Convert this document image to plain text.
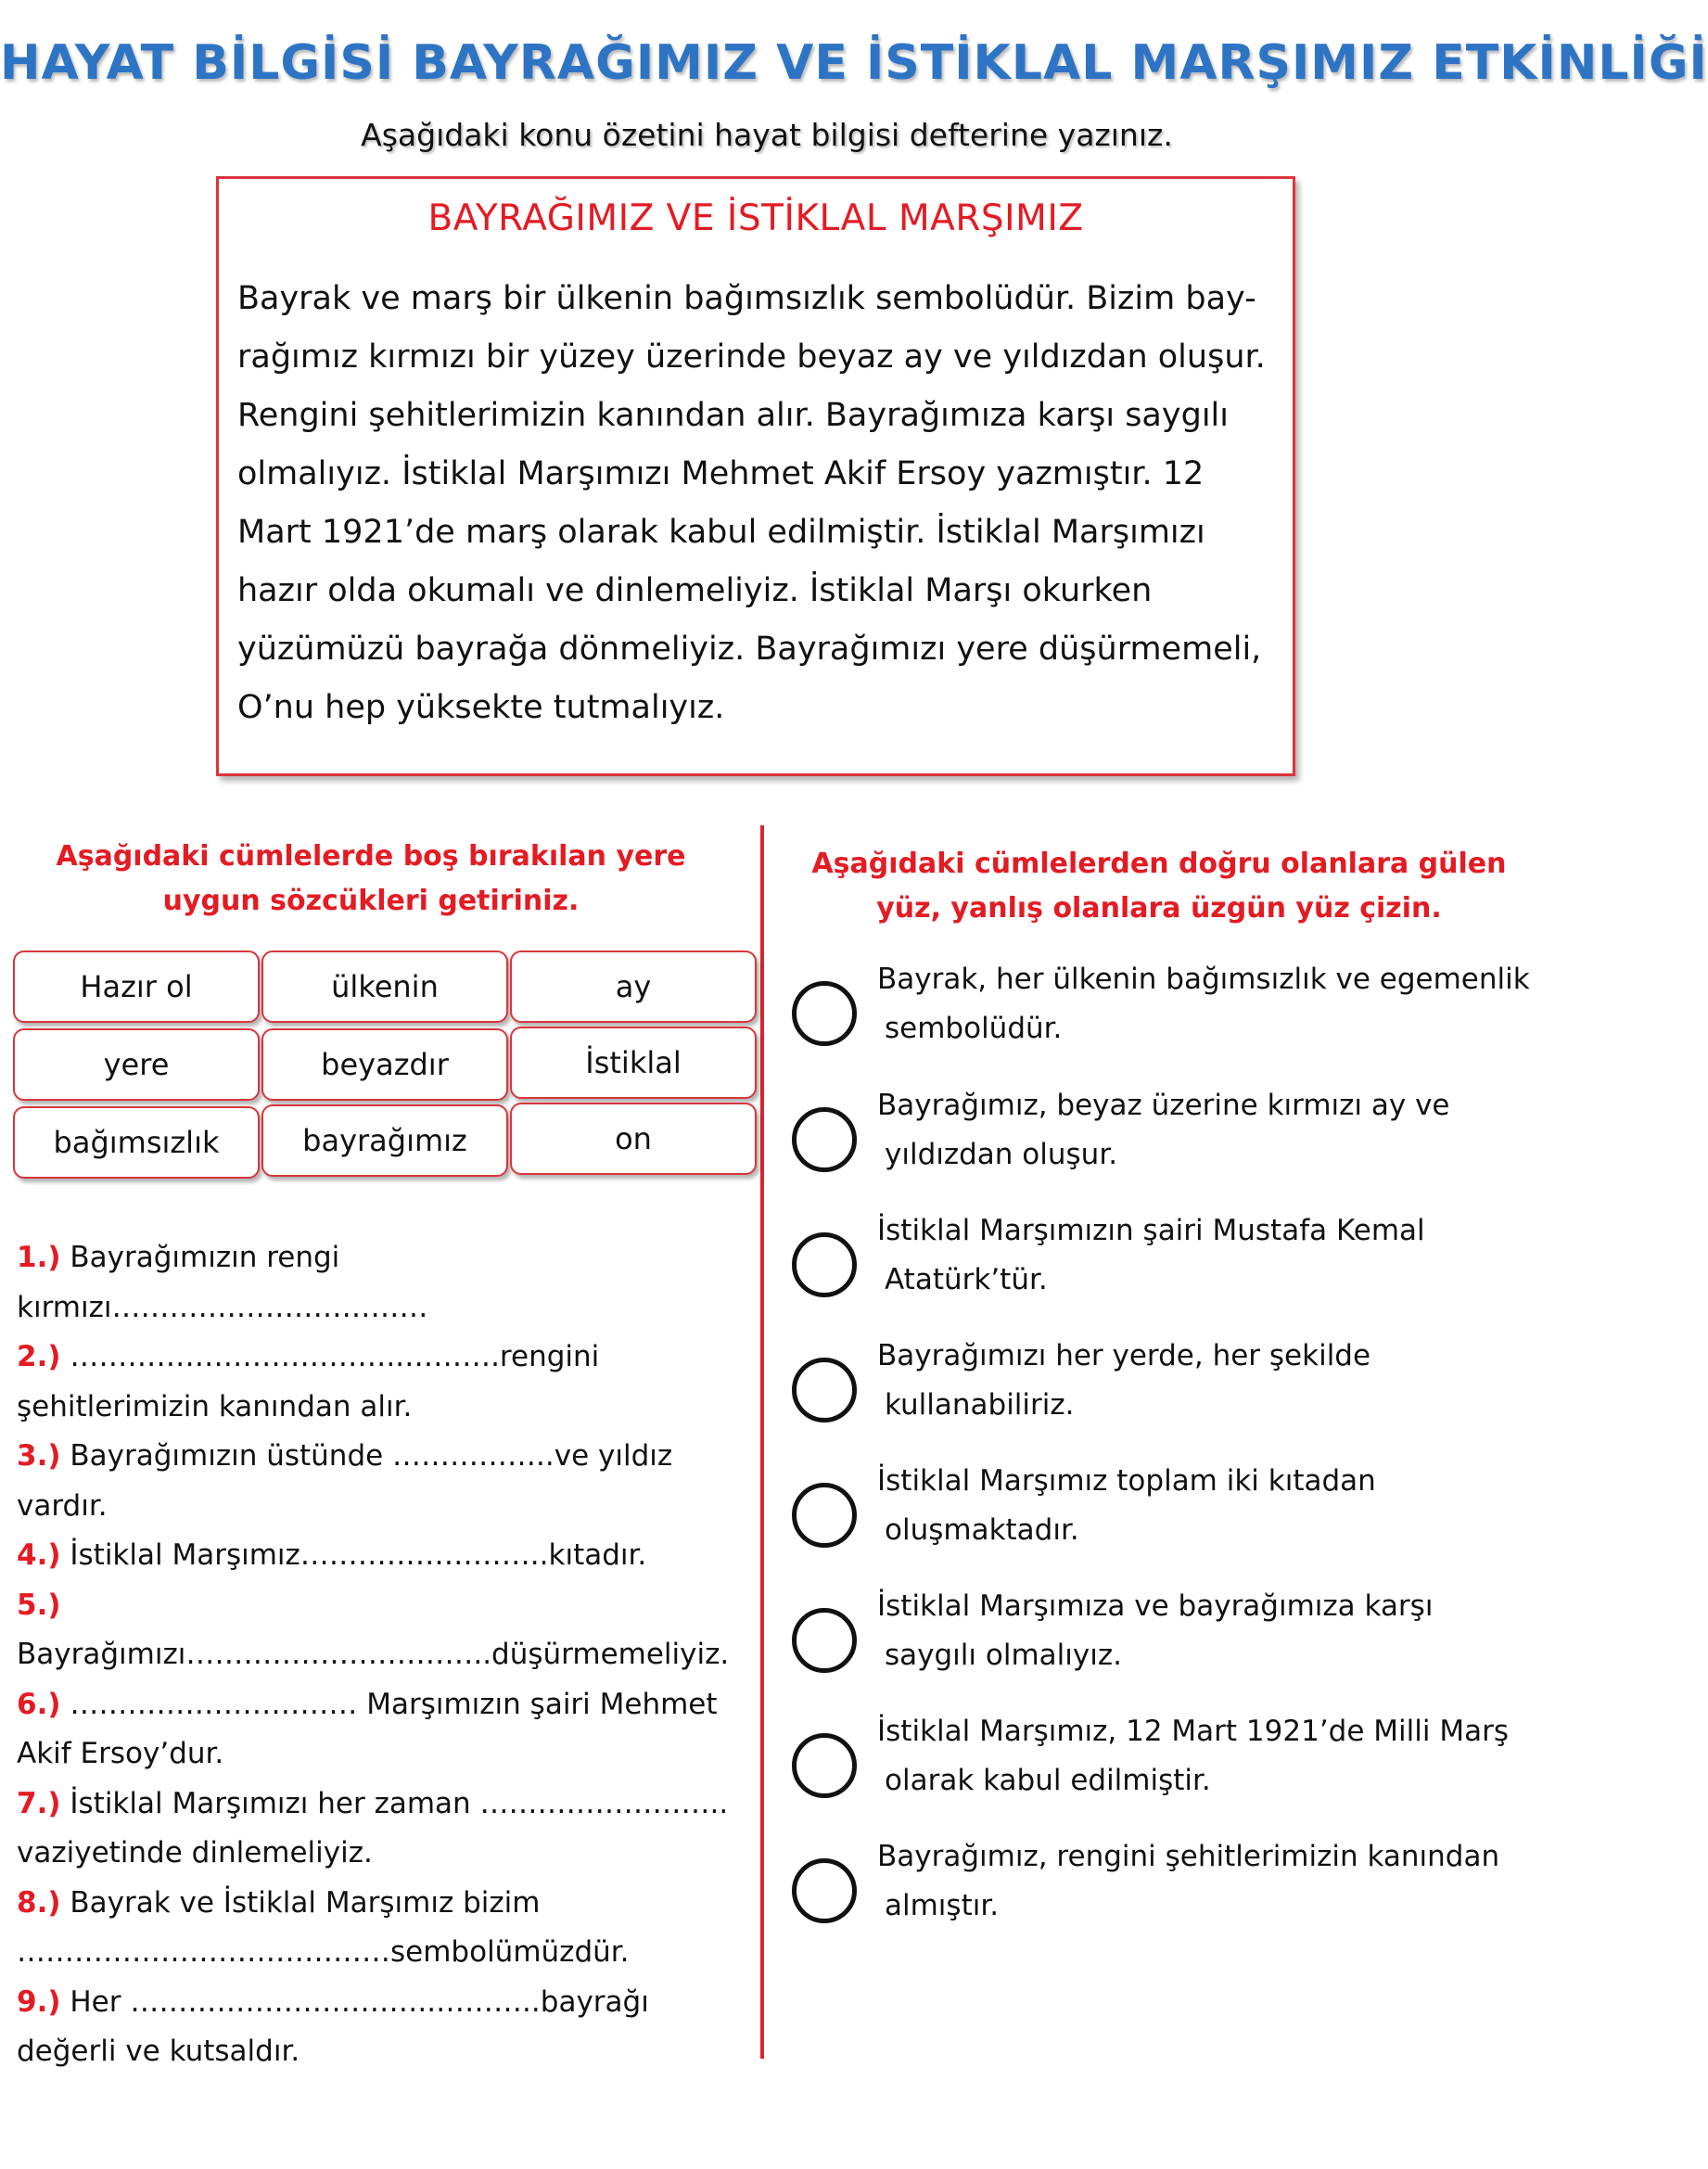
HAYAT BİLGİSİ BAYRAĞIMIZ VE İSTİKLAL MARŞIMIZ ETKİNLİĞİ
Aşağıdaki konu özetini hayat bilgisi defterine yazınız.
BAYRAĞIMIZ VE İSTİKLAL MARŞIMIZ
Bayrak ve marş bir ülkenin bağımsızlık sembolüdür. Bizim bay-
rağımız kırmızı bir yüzey üzerinde beyaz ay ve yıldızdan oluşur.
Rengini şehitlerimizin kanından alır. Bayrağımıza karşı saygılı
olmalıyız. İstiklal Marşımızı Mehmet Akif Ersoy yazmıştır. 12
Mart 1921’de marş olarak kabul edilmiştir. İstiklal Marşımızı
hazır olda okumalı ve dinlemeliyiz. İstiklal Marşı okurken
yüzümüzü bayrağa dönmeliyiz. Bayrağımızı yere düşürmemeli,
O’nu hep yüksekte tutmalıyız.
Aşağıdaki cümlelerde boş bırakılan yere
uygun sözcükleri getiriniz.
Hazır ol	ülkenin	ay
yere	beyazdır	İstiklal
bağımsızlık	bayrağımız	on

1.) Bayrağımızın rengi kırmızı……………………………

2.) ……………………………..……….rengini şehitlerimizin kanından alır.

3.) Bayrağımızın üstünde ……………..ve yıldız vardır.

4.) İstiklal Marşımız……………………..kıtadır.

5.) Bayrağımızı…………………………..düşürmemeliyiz.

6.) ………………………… Marşımızın şairi Mehmet Akif Ersoy’dur.

7.) İstiklal Marşımızı her zaman …………………….. vaziyetinde dinlemeliyiz.

8.) Bayrak ve İstiklal Marşımız bizim …………………………………sembolümüzdür.

9.) Her …………………………..………..bayrağı değerli ve kutsaldır.

Aşağıdaki cümlelerden doğru olanlara gülen
yüz, yanlış olanlara üzgün yüz çizin.
Bayrak, her ülkenin bağımsızlık ve egemenlik
sembolüdür.
Bayrağımız, beyaz üzerine kırmızı ay ve
yıldızdan oluşur.
İstiklal Marşımızın şairi Mustafa Kemal
Atatürk’tür.
Bayrağımızı her yerde, her şekilde
kullanabiliriz.
İstiklal Marşımız toplam iki kıtadan
oluşmaktadır.
İstiklal Marşımıza ve bayrağımıza karşı
saygılı olmalıyız.
İstiklal Marşımız, 12 Mart 1921’de Milli Marş
olarak kabul edilmiştir.
Bayrağımız, rengini şehitlerimizin kanından
almıştır.
